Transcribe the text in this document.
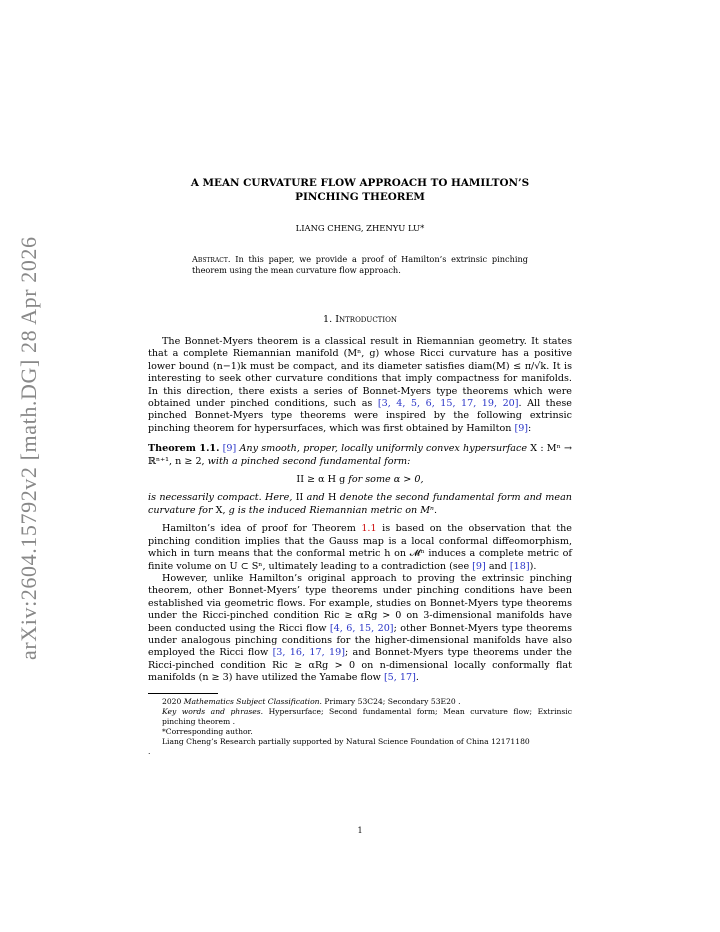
arXiv:2604.15792v2 [math.DG] 28 Apr 2026
A MEAN CURVATURE FLOW APPROACH TO HAMILTON’S
PINCHING THEOREM
LIANG CHENG, ZHENYU LU*
Abstract. In this paper, we provide a proof of Hamilton’s extrinsic pinching theorem using the mean curvature flow approach.
1. Introduction

The Bonnet-Myers theorem is a classical result in Riemannian geometry. It states that a complete Riemannian manifold (Mⁿ, g) whose Ricci curvature has a positive lower bound (n−1)k must be compact, and its diameter satisfies diam(M) ≤ π/√k. It is interesting to seek other curvature conditions that imply compactness for manifolds. In this direction, there exists a series of Bonnet-Myers type theorems which were obtained under pinched conditions, such as [3, 4, 5, 6, 15, 17, 19, 20]. All these pinched Bonnet-Myers type theorems were inspired by the following extrinsic pinching theorem for hypersurfaces, which was first obtained by Hamilton [9]:

Theorem 1.1. [9] Any smooth, proper, locally uniformly convex hypersurface X : Mⁿ → ℝⁿ⁺¹, n ≥ 2, with a pinched second fundamental form:
II ≥ α H g for some α > 0,
is necessarily compact. Here, II and H denote the second fundamental form and mean curvature for X, g is the induced Riemannian metric on Mⁿ.

Hamilton’s idea of proof for Theorem 1.1 is based on the observation that the pinching condition implies that the Gauss map is a local conformal diffeomorphism, which in turn means that the conformal metric h on 𝓜ⁿ induces a complete metric of finite volume on U ⊂ Sⁿ, ultimately leading to a contradiction (see [9] and [18]).

However, unlike Hamilton’s original approach to proving the extrinsic pinching theorem, other Bonnet-Myers’ type theorems under pinching conditions have been established via geometric flows. For example, studies on Bonnet-Myers type theorems under the Ricci-pinched condition Ric ≥ αRg > 0 on 3-dimensional manifolds have been conducted using the Ricci flow [4, 6, 15, 20]; other Bonnet-Myers type theorems under analogous pinching conditions for the higher-dimensional manifolds have also employed the Ricci flow [3, 16, 17, 19]; and Bonnet-Myers type theorems under the Ricci-pinched condition Ric ≥ αRg > 0 on n-dimensional locally conformally flat manifolds (n ≥ 3) have utilized the Yamabe flow [5, 17].

2020 Mathematics Subject Classification. Primary 53C24; Secondary 53E20 .
Key words and phrases. Hypersurface; Second fundamental form; Mean curvature flow; Extrinsic pinching theorem .
*Corresponding author.
Liang Cheng’s Research partially supported by Natural Science Foundation of China 12171180
.
1
